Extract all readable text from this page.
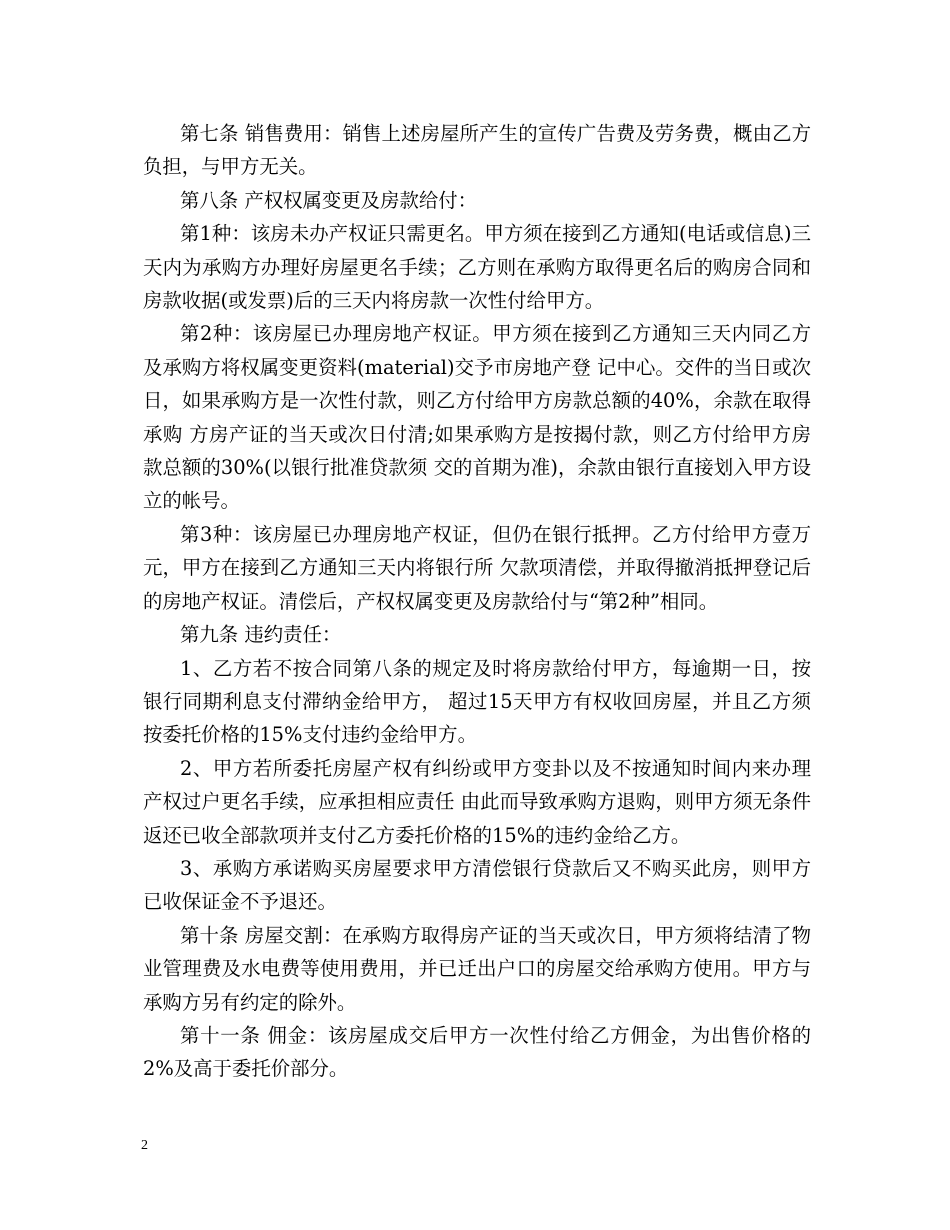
第七条 销售费用：销售上述房屋所产生的宣传广告费及劳务费，概由乙方负担，与甲方无关。

第八条 产权权属变更及房款给付：

第1种：该房未办产权证只需更名。甲方须在接到乙方通知(电话或信息)三天内为承购方办理好房屋更名手续；乙方则在承购方取得更名后的购房合同和房款收据(或发票)后的三天内将房款一次性付给甲方。

第2种：该房屋已办理房地产权证。甲方须在接到乙方通知三天内同乙方及承购方将权属变更资料(material)交予市房地产登 记中心。交件的当日或次日，如果承购方是一次性付款，则乙方付给甲方房款总额的40%，余款在取得承购 方房产证的当天或次日付清;如果承购方是按揭付款，则乙方付给甲方房款总额的30%(以银行批准贷款须 交的首期为准)，余款由银行直接划入甲方设立的帐号。

第3种：该房屋已办理房地产权证，但仍在银行抵押。乙方付给甲方壹万元，甲方在接到乙方通知三天内将银行所 欠款项清偿，并取得撤消抵押登记后的房地产权证。清偿后，产权权属变更及房款给付与“第2种”相同。

第九条 违约责任：

1、乙方若不按合同第八条的规定及时将房款给付甲方，每逾期一日，按银行同期利息支付滞纳金给甲方， 超过15天甲方有权收回房屋，并且乙方须按委托价格的15%支付违约金给甲方。

2、甲方若所委托房屋产权有纠纷或甲方变卦以及不按通知时间内来办理产权过户更名手续，应承担相应责任 由此而导致承购方退购，则甲方须无条件返还已收全部款项并支付乙方委托价格的15%的违约金给乙方。

3、承购方承诺购买房屋要求甲方清偿银行贷款后又不购买此房，则甲方已收保证金不予退还。

第十条 房屋交割：在承购方取得房产证的当天或次日，甲方须将结清了物业管理费及水电费等使用费用，并已迁出户口的房屋交给承购方使用。甲方与承购方另有约定的除外。

第十一条 佣金：该房屋成交后甲方一次性付给乙方佣金，为出售价格的2%及高于委托价部分。

2
